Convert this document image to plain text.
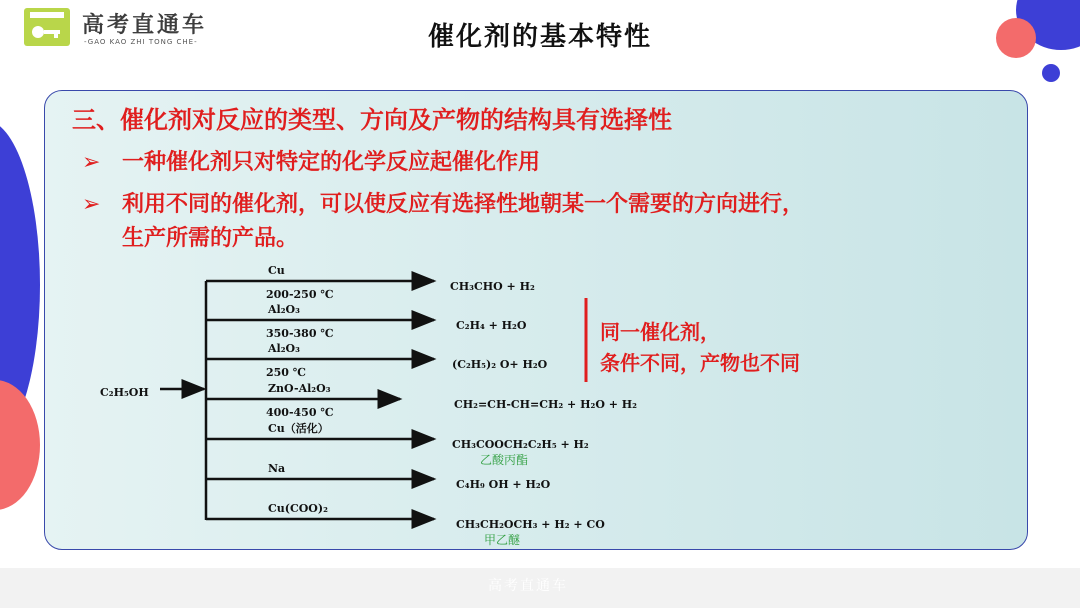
高考直通车
-GAO KAO ZHI TONG CHE-	催化剂的基本特性
三、催化剂对反应的类型、方向及产物的结构具有选择性
➢ 一种催化剂只对特定的化学反应起催化作用
➢ 利用不同的催化剂，可以使反应有选择性地朝某一个需要的方向进行，
生产所需的产品。
C₂H₅OH
Cu
200-250 ℃
CH₃CHO + H₂
Al₂O₃
350-380 ℃
C₂H₄ + H₂O
Al₂O₃
250 ℃
(C₂H₅)₂ O+ H₂O
ZnO-Al₂O₃
400-450 ℃
CH₂=CH-CH=CH₂ + H₂O + H₂
Cu（活化）
CH₃COOCH₂C₂H₅ + H₂
乙酸丙酯
Na
C₄H₉ OH + H₂O
Cu(COO)₂
CH₃CH₂OCH₃ + H₂ + CO
甲乙醚
同一催化剂，
条件不同，产物也不同
高考直通车
